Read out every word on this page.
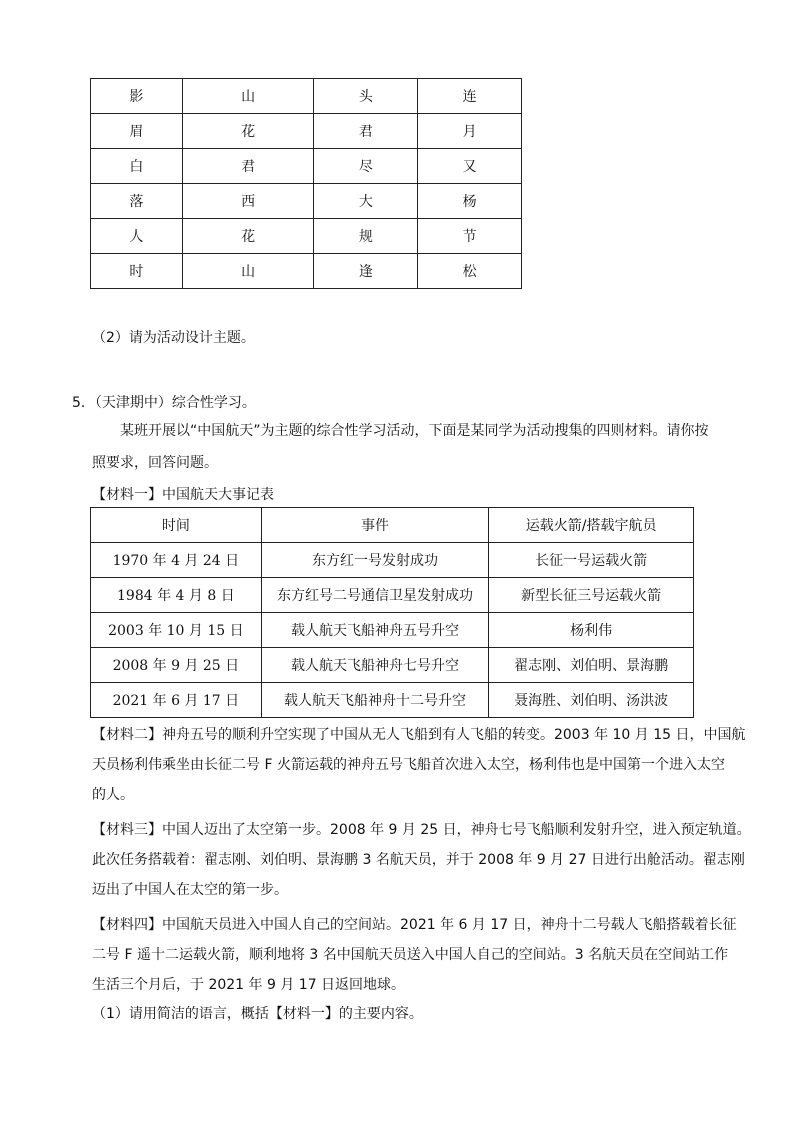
影	山	头	连
眉	花	君	月
白	君	尽	又
落	西	大	杨
人	花	规	节
时	山	逢	松
（2）请为活动设计主题。
5．（天津期中）综合性学习。
某班开展以“中国航天”为主题的综合性学习活动，下面是某同学为活动搜集的四则材料。请你按
照要求，回答问题。
【材料一】中国航天大事记表
时间	事件	运载火箭/搭载宇航员
1970 年 4 月 24 日	东方红一号发射成功	长征一号运载火箭
1984 年 4 月 8 日	东方红号二号通信卫星发射成功	新型长征三号运载火箭
2003 年 10 月 15 日	载人航天飞船神舟五号升空	杨利伟
2008 年 9 月 25 日	载人航天飞船神舟七号升空	翟志刚、刘伯明、景海鹏
2021 年 6 月 17 日	载人航天飞船神舟十二号升空	聂海胜、刘伯明、汤洪波
【材料二】神舟五号的顺利升空实现了中国从无人飞船到有人飞船的转变。2003 年 10 月 15 日，中国航
天员杨利伟乘坐由长征二号 F 火箭运载的神舟五号飞船首次进入太空，杨利伟也是中国第一个进入太空
的人。
【材料三】中国人迈出了太空第一步。2008 年 9 月 25 日，神舟七号飞船顺利发射升空，进入预定轨道。
此次任务搭载着：翟志刚、刘伯明、景海鹏 3 名航天员，并于 2008 年 9 月 27 日进行出舱活动。翟志刚
迈出了中国人在太空的第一步。
【材料四】中国航天员进入中国人自己的空间站。2021 年 6 月 17 日，神舟十二号载人飞船搭载着长征
二号 F 遥十二运载火箭，顺利地将 3 名中国航天员送入中国人自己的空间站。3 名航天员在空间站工作
生活三个月后，于 2021 年 9 月 17 日返回地球。
（1）请用简洁的语言，概括【材料一】的主要内容。
